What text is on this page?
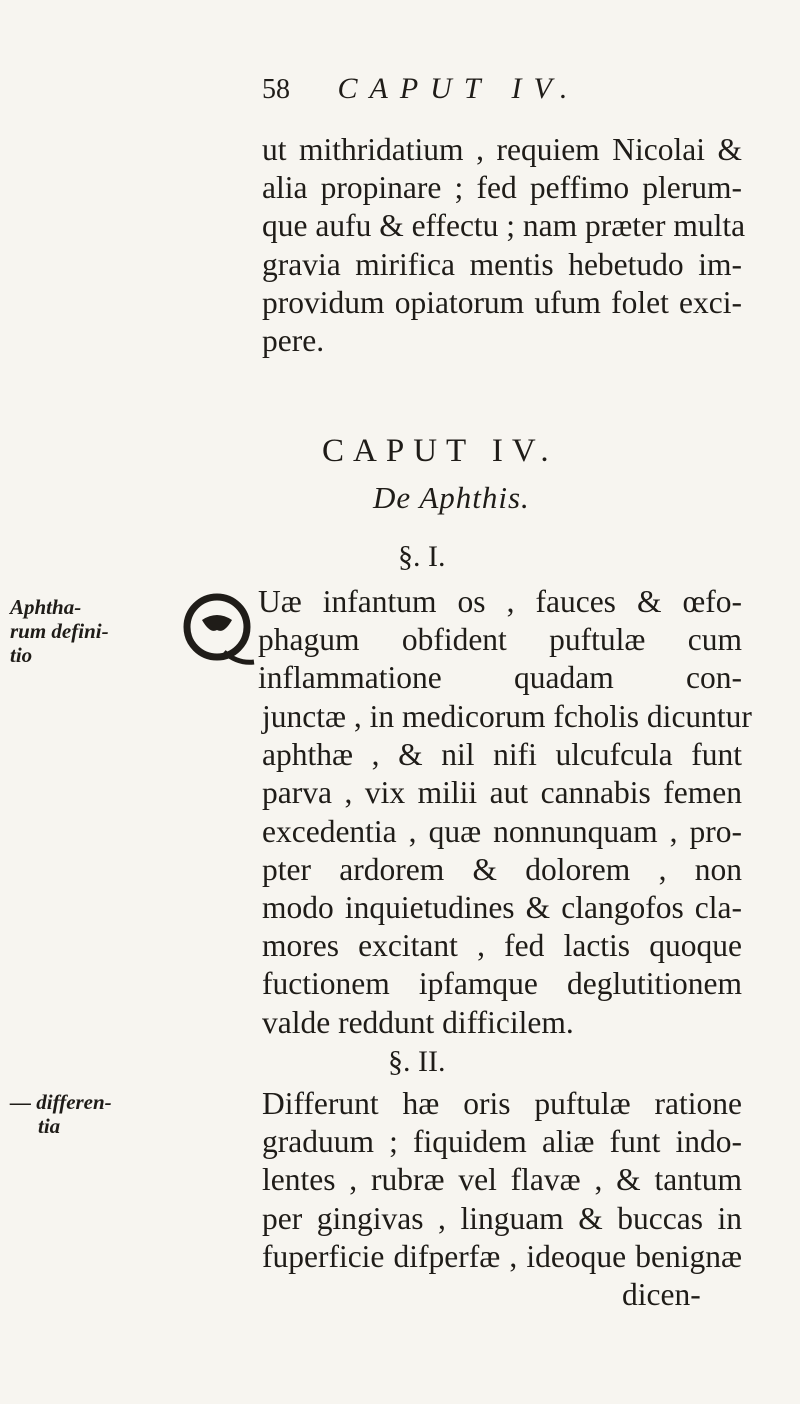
58 CAPUT IV.
ut mithridatium , requiem Nicolai &
alia propinare ; fed peffimo plerum-
que aufu & effectu ; nam præter multa
gravia mirifica mentis hebetudo im-
providum opiatorum ufum folet exci-
pere.
CAPUT IV.
De Aphthis.
§. I.
Uæ infantum os , fauces & œfo-
phagum obfident puftulæ cum
inflammatione quadam con-
junctæ , in medicorum fcholis dicuntur
aphthæ , & nil nifi ulcufcula funt
parva , vix milii aut cannabis femen
excedentia , quæ nonnunquam , pro-
pter ardorem & dolorem , non
modo inquietudines & clangofos cla-
mores excitant , fed lactis quoque
fuctionem ipfamque deglutitionem
valde reddunt difficilem.
§. II.
Differunt hæ oris puftulæ ratione
graduum ; fiquidem aliæ funt indo-
lentes , rubræ vel flavæ , & tantum
per gingivas , linguam & buccas in
fuperficie difperfæ , ideoque benignæ
dicen-
Aphtha-
rum defini-
tio
— differen-
tia
